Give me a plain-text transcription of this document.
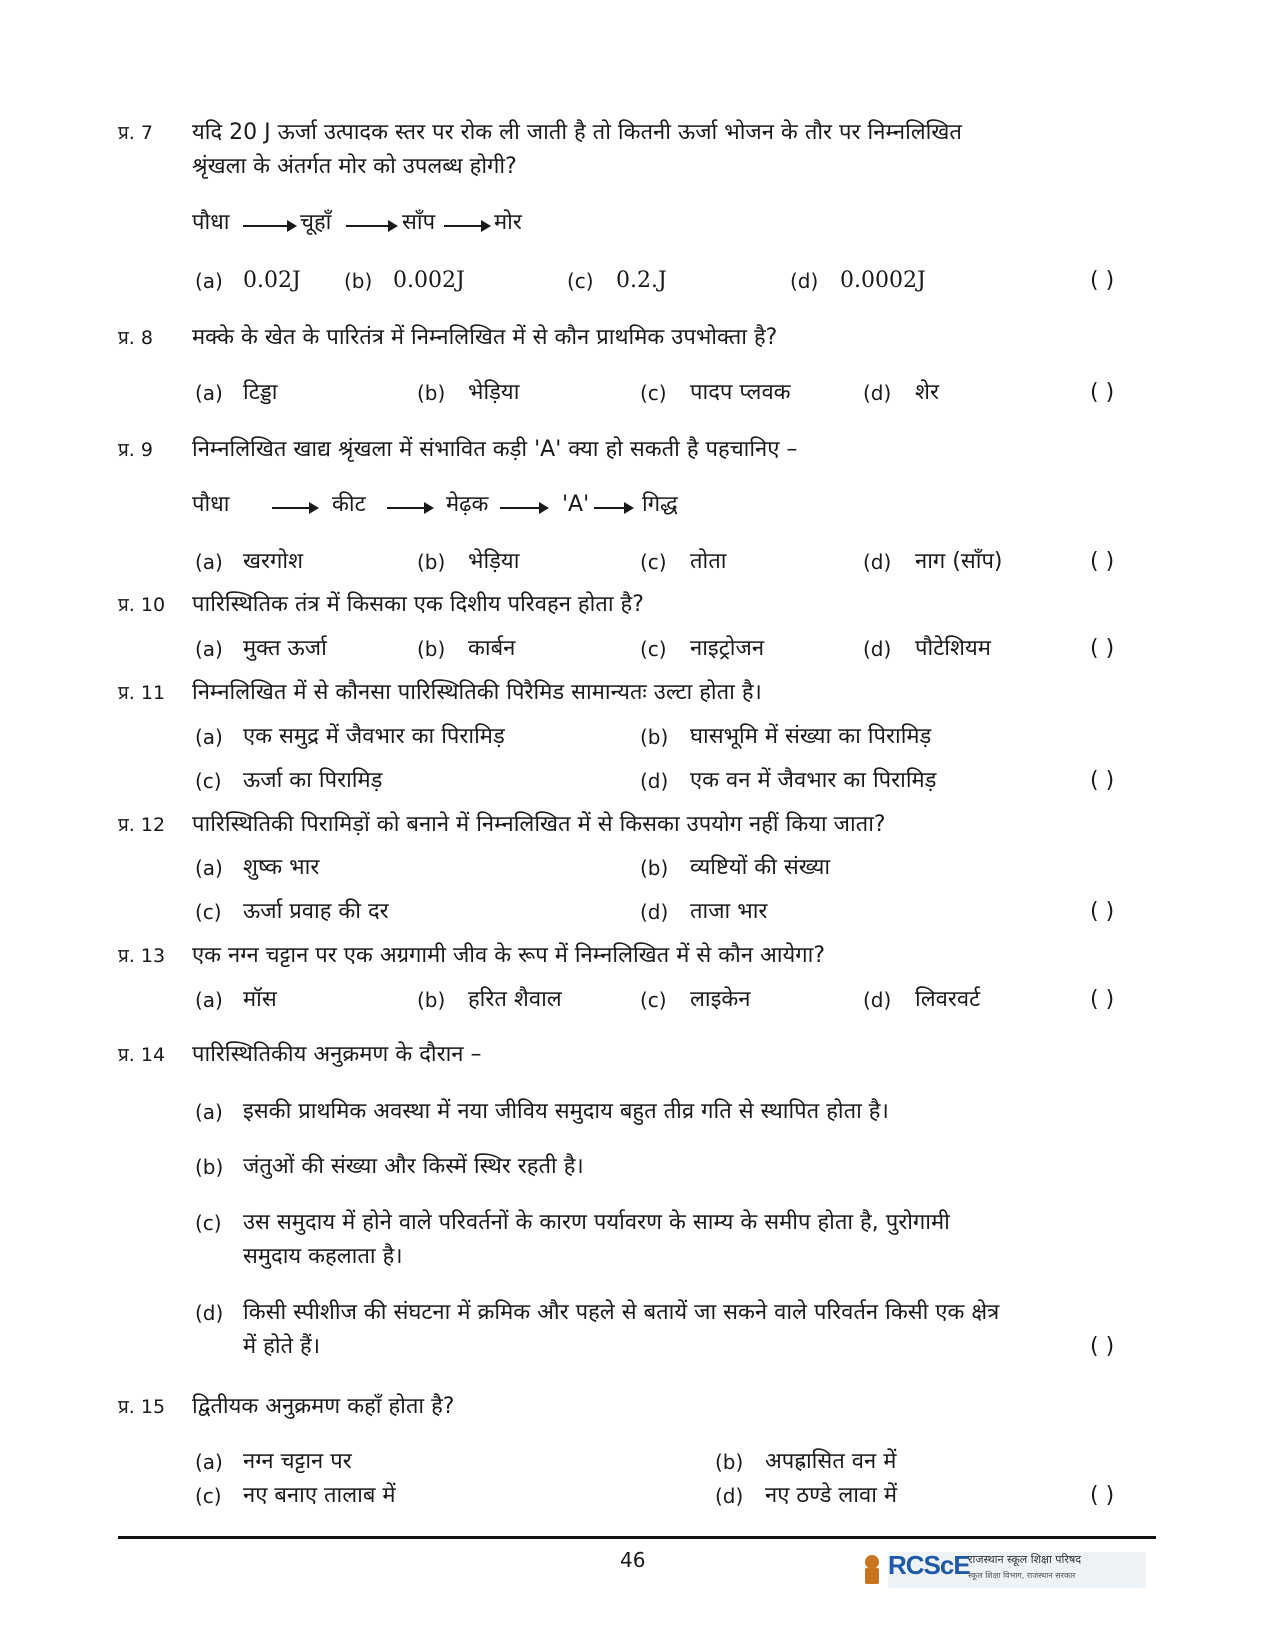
प्र. 7 यदि 20 J ऊर्जा उत्पादक स्तर पर रोक ली जाती है तो कितनी ऊर्जा भोजन के तौर पर निम्नलिखित
श्रृंखला के अंतर्गत मोर को उपलब्ध होगी?
पौधा	चूहाँ	साँप	मोर
(a) 0.02J (b) 0.002J	(c) 0.2.J	(d) 0.0002J	( )
प्र. 8 मक्के के खेत के पारितंत्र में निम्नलिखित में से कौन प्राथमिक उपभोक्ता है?
(a) टिड्डा	(b) भेड़िया	(c) पादप प्लवक	(d) शेर	( )
प्र. 9 निम्नलिखित खाद्य श्रृंखला में संभावित कड़ी 'A' क्या हो सकती है पहचानिए –
पौधा	कीट	मेढ़क	'A' गिद्ध
(a) खरगोश	(b) भेड़िया	(c) तोता	(d) नाग (साँप)	( )
प्र. 10 पारिस्थितिक तंत्र में किसका एक दिशीय परिवहन होता है?
(a) मुक्त ऊर्जा	(b) कार्बन	(c) नाइट्रोजन	(d) पौटेशियम	( )
प्र. 11 निम्नलिखित में से कौनसा पारिस्थितिकी पिरैमिड सामान्यतः उल्टा होता है।
(a) एक समुद्र में जैवभार का पिरामिड़	(b) घासभूमि में संख्या का पिरामिड़
(c) ऊर्जा का पिरामिड़	(d) एक वन में जैवभार का पिरामिड़	( )
प्र. 12 पारिस्थितिकी पिरामिड़ों को बनाने में निम्नलिखित में से किसका उपयोग नहीं किया जाता?
(a) शुष्क भार	(b) व्यष्टियों की संख्या
(c) ऊर्जा प्रवाह की दर	(d) ताजा भार	( )
प्र. 13 एक नग्न चट्टान पर एक अग्रगामी जीव के रूप में निम्नलिखित में से कौन आयेगा?
(a) मॉस	(b) हरित शैवाल	(c) लाइकेन	(d) लिवरवर्ट	( )
प्र. 14 पारिस्थितिकीय अनुक्रमण के दौरान –
(a) इसकी प्राथमिक अवस्था में नया जीविय समुदाय बहुत तीव्र गति से स्थापित होता है।
(b) जंतुओं की संख्या और किस्में स्थिर रहती है।
(c) उस समुदाय में होने वाले परिवर्तनों के कारण पर्यावरण के साम्य के समीप होता है, पुरोगामी
समुदाय कहलाता है।
(d) किसी स्पीशीज की संघटना में क्रमिक और पहले से बतायें जा सकने वाले परिवर्तन किसी एक क्षेत्र
में होते हैं।	( )
प्र. 15 द्वितीयक अनुक्रमण कहाँ होता है?
(a) नग्न चट्टान पर	(b) अपह्रासित वन में
(c) नए बनाए तालाब में	(d) नए ठण्डे लावा में	( )
46	RCScE
राजस्थान स्कूल शिक्षा परिषद
स्कूल शिक्षा विभाग, राजस्थान सरकार
